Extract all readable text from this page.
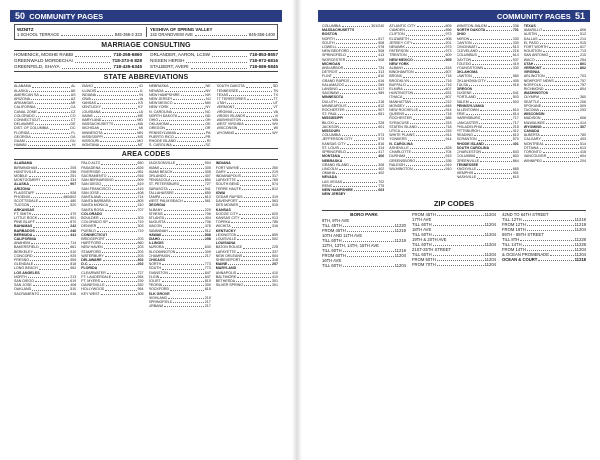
50 COMMUNITY PAGES
WZNITZ
1 SCHOOL TERRACE	845-356-2 323
YESHIVA OF SPRING VALLEY
142 GRANDVIEW AVE	845-356-1400
MARRIAGE CONSULTING
HOMENICK, MOSHE RABBI	718-258-6860 ORLANDER, AARON, LCSW	718-853-8657
GREENWALD MORDECHAI	718-373-6 828 NISSEN HERSH	718-972-6816
GREENFELD, SHAYA	718-435-6345 STALBERT, AVERI	718-686-5845
STATE ABBREVIATIONS
ALABAMA	AL
ALASKA	AK
AMERICAN SA	AS
ARIZONA	AZ
ARKANSAS	AR
CALIFORNIA	CA
CANAL ZONE	CZ
COLORADO	CO
CONNECTICUT	CT
DELAWARE	DE
DIST. OF COLUMBIA	DC
FLORIDA	FL
GEORGIA	GA
GUAM	GU
HAWAII	HI
IDAHO	ID
ILLINOIS	IL
INDIANA	IN
IOWA	IA
KANSAS	KS
KENTUCKY	KY
LOUISIANA	LA
MAINE	ME
MARYLAND	MD
MASSACHUSETTS	MA
MICHIGAN	MI
MINNESOTA	MN
MISSISSIPPI	MS
MISSOURI	MO
MONTANA	MT
NEBRASKA	NE
NEVADA	NV
NEW HAMPSHIRE	NH
NEW JERSEY	NJ
NEW MEXICO	NM
NEW YORK	NY
N. CAROLINA	NC
NORTH DAKOTA	ND
OHIO	OH
OKLAHOMA	OK
OREGON	OR
PENNSYLVANIA	PA
PUERTO RICO	PR
RHODE ISLAND	RI
S. CAROLINA	SC
SOUTH DAKOTA	SD
TENNESSEE	TN
TEXAS	TX
TT TERRITORIES	TT
UTAH	UT
VERMONT	VT
VIRGINIA	VA
VIRGIN ISLANDS	VI
WASHINGTON	WA
WEST VIRGINIA	WV
WISCONSIN	WI
WYOMING	WY
AREA CODES
ALABAMA
BIRMINGHAM	205
HUNTSVILLE	256
MOBILE	251
MONTGOMERY	334
ALASKA	907
ARIZONA
FLAGSTAFF	928
PHOENIX	480/602
SCOTTSDALE	480
TUCSON	520
ARKANSAS
FT. SMITH	479
LITTLE ROCK	501
PINE BLUFF	870
BAHAMAS	242
BARBADOS	246
BERMUDA	441
CALIFORNIA
ANAHEIM	714
BAKERSFIELD	661
BERKELEY	510
CONCORD	925
FRESNO	559
GLENDALE	818
LONG BEACH	562
LOS ANGELES
NORTH	213
SAN DIEGO	619
SAN JOSE	408
OAKLAND	510
SACRAMENTO	916
PALO ALTO	650
PASADENA	626
RIVERSIDE	951
SACRAMENTO	916
SAN BERNARDINO	909
SAN DIEGO	619
SAN FRANCISCO	415
SAN JOSE	408
SANTA ANA	714
SANTA BARBARA	805
SANTA MONICA	310
SANTA ROSA	707
COLORADO
BOULDER	303
COLORADO SP.	719
DENVER	303
PUEBLO	719
CONNECTICUT
BRIDGEPORT	203
HARTFORD	860
NEW HAVEN	203
STAMFORD	203
WATERBURY	203
DELAWARE	302
D.C.	202
FLORIDA
CLEARWATER	727
FT. LAUDERDALE	954
FT. MYERS	239
GAINESVILLE	352
HOLLYWOOD	954
KEY WEST	305
JACKSONVILLE	904
MIAMI	305
MIAMI BEACH	305
ORLANDO	407
PENSACOLA	850
ST. PETERSBURG	727
SARASOTA	941
TALLAHASSEE	850
TAMPA	813
WEST PALM BEACH	561
GEORGIA
ALBANY	229
ATHENS	706
ATLANTA	404
AUGUSTA	706
MACON	478
SAVANNAH	912
HAWAII	808
IDAHO	208
ILLINOIS
AURORA	630
BLOOMINGTON	309
CHAMPAIGN	217
CHICAGO
NORTH	773
SOUTH	773
EVANSTON	847
ELGIN	847
JOLIET	815
PEORIA	309
ROCKFORD	815
ELK GROVE
HIGHLAND	219
SPRINGFIELD	217
URBANA	217
INDIANA
FORT WAYNE	260
GARY	219
INDIANAPOLIS	317
LAFAYETTE	765
SOUTH BEND	574
TERRE HAUTE	812
IOWA
CEDAR RAPIDS	319
DAVENPORT	563
DES MOINES	515
KANSAS
DODGE CITY	620
KANSAS CITY	913
TOPEKA	785
WICHITA	316
KENTUCKY
LEXINGTON	859
LOUISVILLE	502
LOUISIANA
BATON ROUGE	225
LAFAYETTE	337
NEW ORLEANS	504
SHREVEPORT	318
MAINE	207
MARYLAND
ANNAPOLIS	410
BALTIMORE	410
BETHESDA	301
SILVER SPRING	301
COMMUNITY PAGES 51
COLUMBIA	301/240
MASSACHUSETTS
BOSTON
NORTH	617
SOUTH	508
LOWELL	978
NEW BEDFORD	508
SPRINGFIELD	413
WORCESTER	508
MICHIGAN
ANN ARBOR	734
DETROIT	313
FLINT	810
GRAND RAPIDS	616
KALAMAZOO	269
LANSING	517
SAGINAW	989
MINNESOTA
DULUTH	218
MINNEAPOLIS	612
ROCHESTER	507
ST. PAUL	651
MISSISSIPPI
BILOXI	228
JACKSON	601
MISSOURI
COLUMBIA	573
JEFFERSON CITY	573
KANSAS CITY	816
ST. LOUIS	314
SPRINGFIELD	417
MONTANA	406
NEBRASKA
GRAND ISLAND	308
LINCOLN	402
OMAHA	402
NEVADA
LAS VEGAS	702
RENO	775
NEW HAMPSHIRE	603
NEW JERSEY
ATLANTIC CITY	609
CAMDEN	856
CLIFTON	973
ELIZABETH	908
JERSEY CITY	201
NEWARK	973
PATERSON	973
TRENTON	609
NEW MEXICO	505
NEW YORK
ALBANY	518
BINGHAMTON	607
BRONX	718
BROOKLYN	718
BUFFALO	716
ELMIRA	607
HUNTINGTON	631
ITHACA	607
MANHATTAN	212
MONSEY	845
NEW ROCHELLE	914
QUEENS	718
ROCHESTER	585
SYRACUSE	315
STATEN ISLAND	718
UTICA	315
WHITE PLAINS	914
YONKERS	914
N. CAROLINA
ASHEVILLE	828
CHARLOTTE	704
DURHAM	919
GREENSBORO	336
RALEIGH	919
WILMINGTON	910
WINSTON-SALEM	336
NORTH DAKOTA	701
OHIO
AKRON	330
CANTON	330
CINCINNATI	513
CLEVELAND	216
COLUMBUS	614
DAYTON	937
TOLEDO	419
YOUNGSTOWN	330
OKLAHOMA
LAWTON	580
OKLAHOMA CITY	405
TULSA	918
OREGON
EUGENE	541
PORTLAND	503
SALEM	503
PENNSYLVANIA
ALLENTOWN	610
ERIE	814
HARRISBURG	717
LANCASTER	717
PHILADELPHIA	215
PITTSBURGH	412
READING	610
SCRANTON	570
RHODE ISLAND	401
SOUTH CAROLINA
CHARLESTON	843
COLUMBIA	803
GREENVILLE	864
TENNESSEE
KNOXVILLE	865
MEMPHIS	901
NASHVILLE	615
TEXAS
AMARILLO	806
AUSTIN	512
DALLAS	214
EL PASO	915
FORT WORTH	817
HOUSTON	713
SAN ANTONIO	210
WACO	254
UTAH	801
VERMONT	802
VIRGINIA
ARLINGTON	703
NEWPORT NEWS	757
NORFOLK	757
RICHMOND	804
WASHINGTON
OLYMPIA	360
SEATTLE	206
SPOKANE	509
TACOMA	253
WISCONSIN
MADISON	608
MILWAUKEE	414
WYOMING	307
CANADA
ALBERTA	780
CALGARY	403
MONTREAL	514
OTTAWA	613
TORONTO	416
VANCOUVER	604
WINNIPEG	204
ZIP CODES
BORO PARK
8TH, 9TH AVE
TILL 45TH	11220
FROM 45TH	11219
10TH AND 11TH AVE
TILL 60TH	11219
12TH, 13TH, 14TH, 15TH AVE
TILL 60TH	11219
FROM 60TH	11204
16TH AVE
TILL 60TH	11204
FROM 45TH	11204
17TH AVE
TILL 60TH	11204
18TH AVE
TILL 60TH	11204
19TH & 20TH AVE
TILL 60TH	11204
21ST-25TH STREET
TILL 60TH	11204
FROM 60TH	11204
FROM 70TH	11204
42ND TO 64TH STREET
TILL 12TH	11219
FROM 12TH	11219
FROM 18TH	11204
65TH - 85TH STREET
TILL 8TH	11228
TILL 14TH	11228
FROM 14TH	11204
& OCEAN PROMENADE	11204
OCEAN & COURT	11218
